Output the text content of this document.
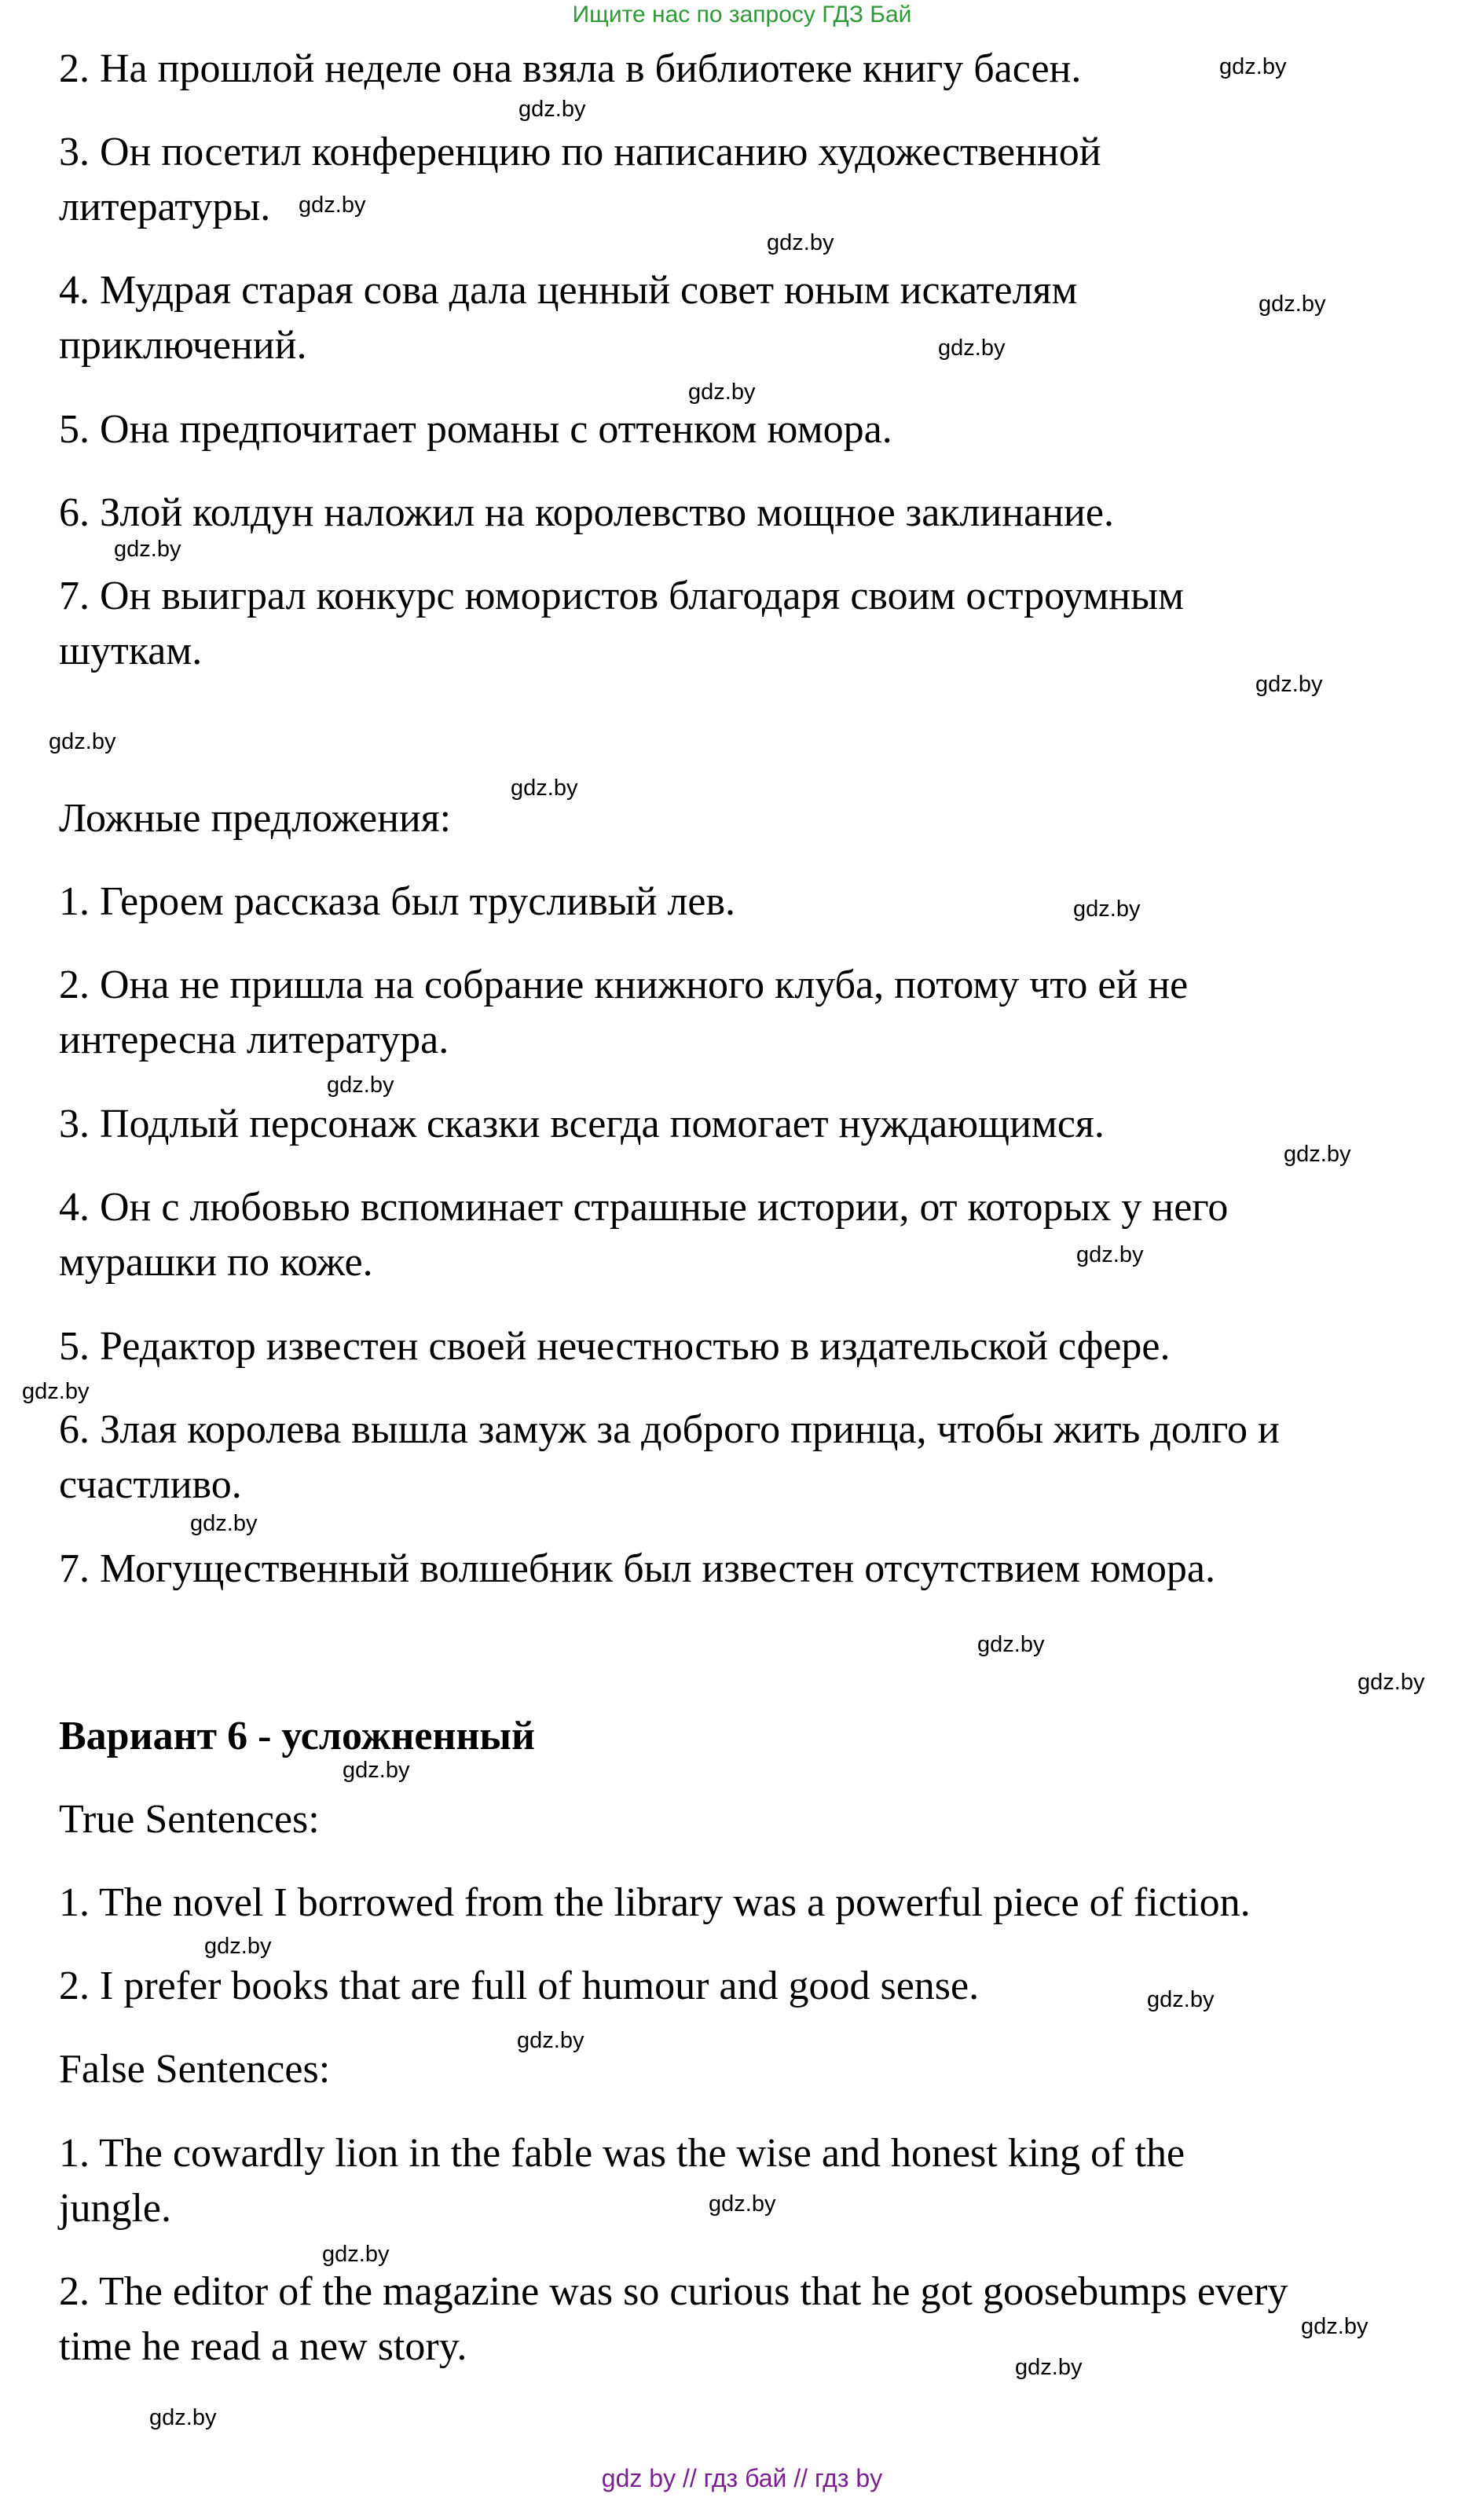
Ищите нас по запросу ГДЗ Бай
2. На прошлой неделе она взяла в библиотеке книгу басен.
3. Он посетил конференцию по написанию художественной
литературы.
4. Мудрая старая сова дала ценный совет юным искателям
приключений.
5. Она предпочитает романы с оттенком юмора.
6. Злой колдун наложил на королевство мощное заклинание.
7. Он выиграл конкурс юмористов благодаря своим остроумным
шуткам.
Ложные предложения:
1. Героем рассказа был трусливый лев.
2. Она не пришла на собрание книжного клуба, потому что ей не
интересна литература.
3. Подлый персонаж сказки всегда помогает нуждающимся.
4. Он с любовью вспоминает страшные истории, от которых у него
мурашки по коже.
5. Редактор известен своей нечестностью в издательской сфере.
6. Злая королева вышла замуж за доброго принца, чтобы жить долго и
счастливо.
7. Могущественный волшебник был известен отсутствием юмора.
Вариант 6 - усложненный
True Sentences:
1. The novel I borrowed from the library was a powerful piece of fiction.
2. I prefer books that are full of humour and good sense.
False Sentences:
1. The cowardly lion in the fable was the wise and honest king of the
jungle.
2. The editor of the magazine was so curious that he got goosebumps every
time he read a new story.
gdz.by
gdz.by
gdz.by
gdz.by
gdz.by
gdz.by
gdz.by
gdz.by
gdz.by
gdz.by
gdz.by
gdz.by
gdz.by
gdz.by
gdz.by
gdz.by
gdz.by
gdz.by
gdz.by
gdz.by
gdz.by
gdz.by
gdz.by
gdz.by
gdz.by
gdz.by
gdz.by
gdz.by
gdz by // гдз бай // гдз by
